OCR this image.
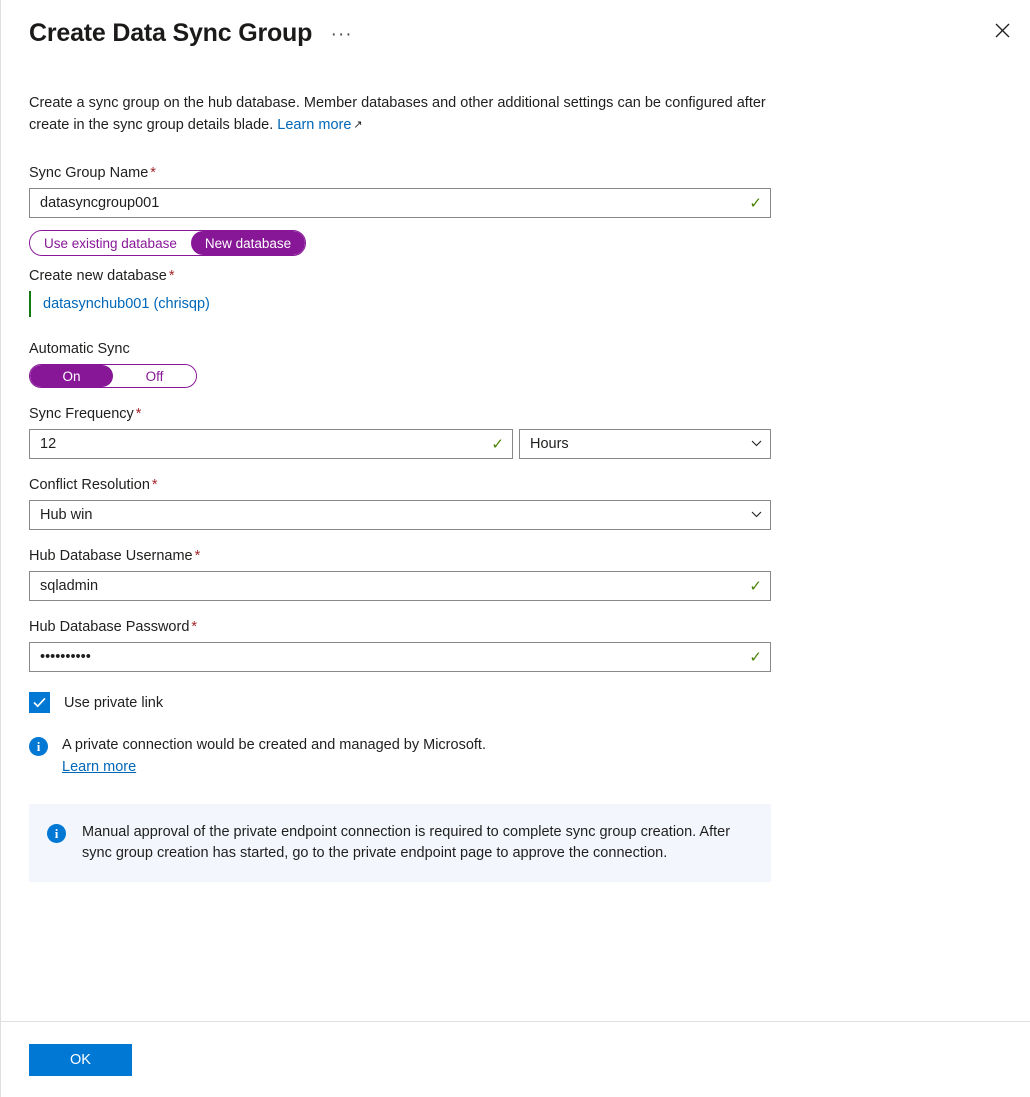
Create Data Sync Group ···
Create a sync group on the hub database. Member databases and other additional settings can be configured after create in the sync group details blade. Learn more ↗
Sync Group Name *
datasyncgroup001	✓
Use existing database	New database
Create new database *
datasynchub001 (chrisqp)
Automatic Sync
On	Off
Sync Frequency *
12	✓ Hours
Conflict Resolution *
Hub win
Hub Database Username *
sqladmin	✓
Hub Database Password *
••••••••••	✓
Use private link
i	A private connection would be created and managed by Microsoft.
Learn more
i	Manual approval of the private endpoint connection is required to complete sync group creation. After sync group creation has started, go to the private endpoint page to approve the connection.
OK
